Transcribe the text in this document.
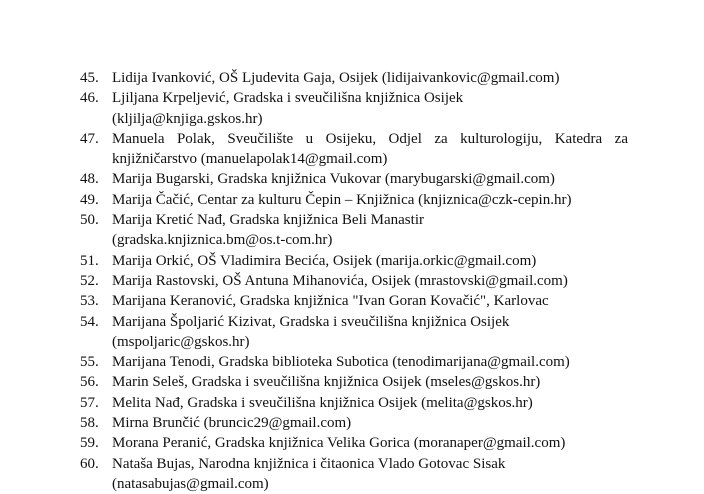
45. Lidija Ivanković, OŠ Ljudevita Gaja, Osijek (lidijaivankovic@gmail.com)
46. Ljiljana Krpeljević, Gradska i sveučilišna knjižnica Osijek
(kljilja@knjiga.gskos.hr)
47. Manuela Polak, Sveučilište u Osijeku, Odjel za kulturologiju, Katedra za
knjižničarstvo (manuelapolak14@gmail.com)
48. Marija Bugarski, Gradska knjižnica Vukovar (marybugarski@gmail.com)
49. Marija Čačić, Centar za kulturu Čepin – Knjižnica (knjiznica@czk-cepin.hr)
50. Marija Kretić Nađ, Gradska knjižnica Beli Manastir
(gradska.knjiznica.bm@os.t-com.hr)
51. Marija Orkić, OŠ Vladimira Becića, Osijek (marija.orkic@gmail.com)
52. Marija Rastovski, OŠ Antuna Mihanovića, Osijek (mrastovski@gmail.com)
53. Marijana Keranović, Gradska knjižnica "Ivan Goran Kovačić", Karlovac
54. Marijana Špoljarić Kizivat, Gradska i sveučilišna knjižnica Osijek
(mspoljaric@gskos.hr)
55. Marijana Tenodi, Gradska biblioteka Subotica (tenodimarijana@gmail.com)
56. Marin Seleš, Gradska i sveučilišna knjižnica Osijek (mseles@gskos.hr)
57. Melita Nađ, Gradska i sveučilišna knjižnica Osijek (melita@gskos.hr)
58. Mirna Brunčić (bruncic29@gmail.com)
59. Morana Peranić, Gradska knjižnica Velika Gorica (moranaper@gmail.com)
60. Nataša Bujas, Narodna knjižnica i čitaonica Vlado Gotovac Sisak
(natasabujas@gmail.com)
